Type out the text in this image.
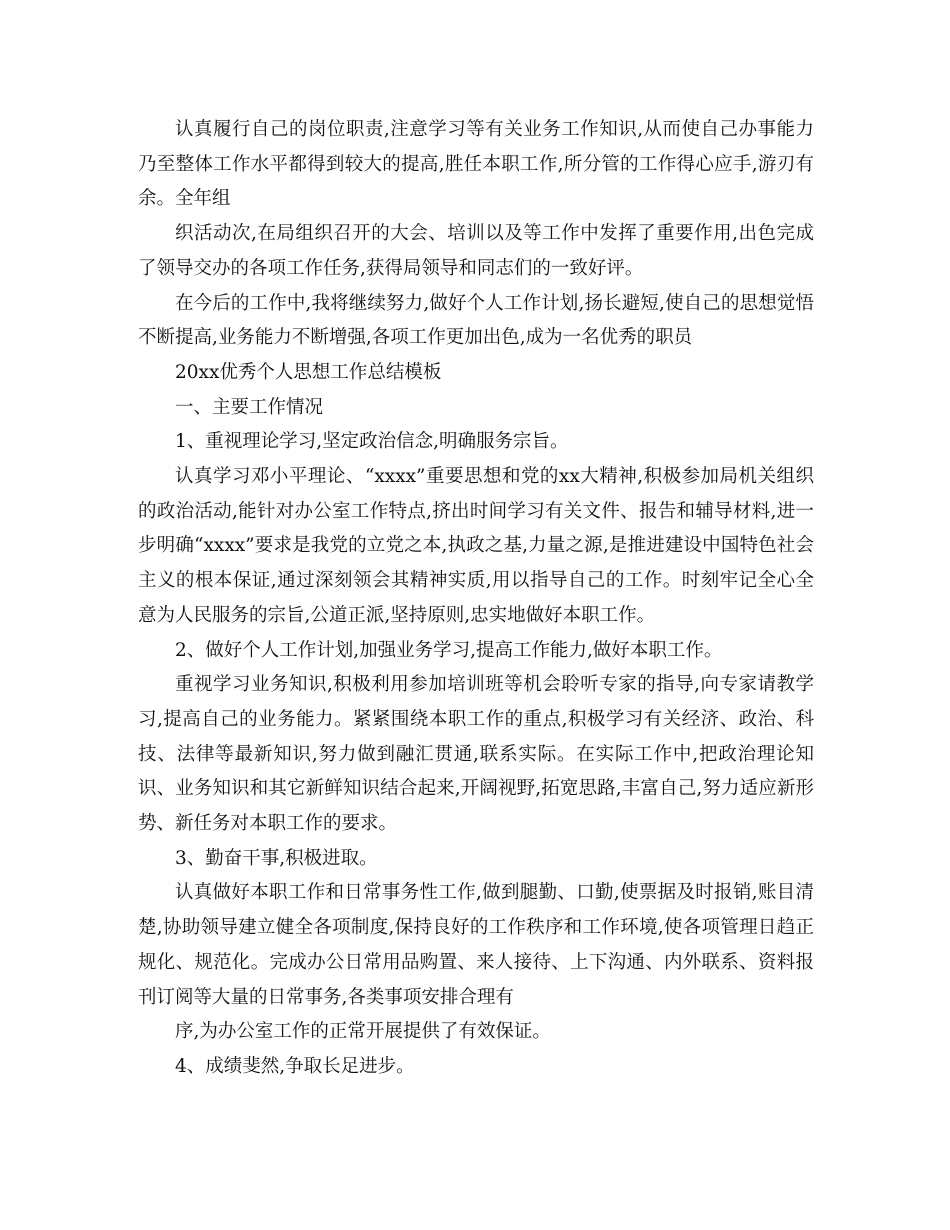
认真履行自己的岗位职责,注意学习等有关业务工作知识,从而使自己办事能力乃至整体工作水平都得到较大的提高,胜任本职工作,所分管的工作得心应手,游刃有余。全年组

织活动次,在局组织召开的大会、培训以及等工作中发挥了重要作用,出色完成了领导交办的各项工作任务,获得局领导和同志们的一致好评。

在今后的工作中,我将继续努力,做好个人工作计划,扬长避短,使自己的思想觉悟不断提高,业务能力不断增强,各项工作更加出色,成为一名优秀的职员

20xx优秀个人思想工作总结模板

一、主要工作情况

1、重视理论学习,坚定政治信念,明确服务宗旨。

认真学习邓小平理论、“xxxx”重要思想和党的xx大精神,积极参加局机关组织的政治活动,能针对办公室工作特点,挤出时间学习有关文件、报告和辅导材料,进一步明确“xxxx”要求是我党的立党之本,执政之基,力量之源,是推进建设中国特色社会主义的根本保证,通过深刻领会其精神实质,用以指导自己的工作。时刻牢记全心全意为人民服务的宗旨,公道正派,坚持原则,忠实地做好本职工作。

2、做好个人工作计划,加强业务学习,提高工作能力,做好本职工作。

重视学习业务知识,积极利用参加培训班等机会聆听专家的指导,向专家请教学习,提高自己的业务能力。紧紧围绕本职工作的重点,积极学习有关经济、政治、科技、法律等最新知识,努力做到融汇贯通,联系实际。在实际工作中,把政治理论知识、业务知识和其它新鲜知识结合起来,开阔视野,拓宽思路,丰富自己,努力适应新形势、新任务对本职工作的要求。

3、勤奋干事,积极进取。

认真做好本职工作和日常事务性工作,做到腿勤、口勤,使票据及时报销,账目清楚,协助领导建立健全各项制度,保持良好的工作秩序和工作环境,使各项管理日趋正规化、规范化。完成办公日常用品购置、来人接待、上下沟通、内外联系、资料报刊订阅等大量的日常事务,各类事项安排合理有

序,为办公室工作的正常开展提供了有效保证。

4、成绩斐然,争取长足进步。
